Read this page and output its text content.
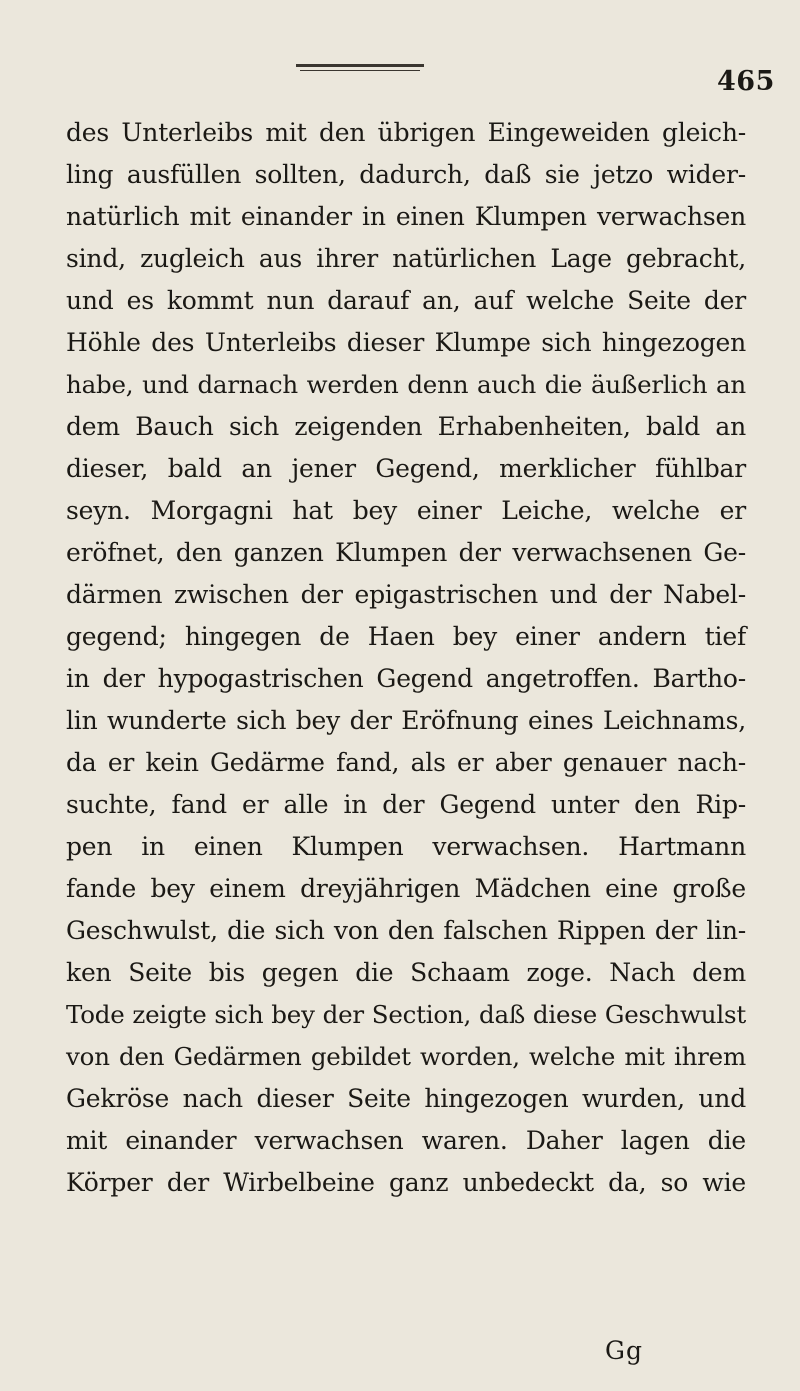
465
des Unterleibs mit den übrigen Eingeweiden gleich-
ling ausfüllen sollten, dadurch, daß sie jetzo wider-
natürlich mit einander in einen Klumpen verwachsen
sind, zugleich aus ihrer natürlichen Lage gebracht,
und es kommt nun darauf an, auf welche Seite der
Höhle des Unterleibs dieser Klumpe sich hingezogen
habe, und darnach werden denn auch die äußerlich an
dem Bauch sich zeigenden Erhabenheiten, bald an
dieser, bald an jener Gegend, merklicher fühlbar
seyn. Morgagni hat bey einer Leiche, welche er
eröfnet, den ganzen Klumpen der verwachsenen Ge-
därmen zwischen der epigastrischen und der Nabel-
gegend; hingegen de Haen bey einer andern tief
in der hypogastrischen Gegend angetroffen. Bartho-
lin wunderte sich bey der Eröfnung eines Leichnams,
da er kein Gedärme fand, als er aber genauer nach-
suchte, fand er alle in der Gegend unter den Rip-
pen in einen Klumpen verwachsen. Hartmann
fande bey einem dreyjährigen Mädchen eine große
Geschwulst, die sich von den falschen Rippen der lin-
ken Seite bis gegen die Schaam zoge. Nach dem
Tode zeigte sich bey der Section, daß diese Geschwulst
von den Gedärmen gebildet worden, welche mit ihrem
Gekröse nach dieser Seite hingezogen wurden, und
mit einander verwachsen waren. Daher lagen die
Körper der Wirbelbeine ganz unbedeckt da, so wie
Gg
